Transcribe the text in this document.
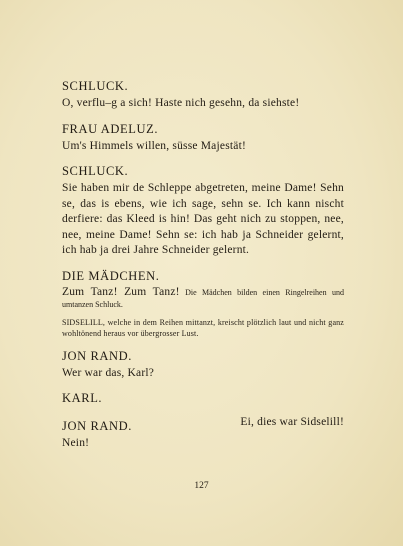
SCHLUCK.

O, verflu–g a sich! Haste nich gesehn, da siehste!

FRAU ADELUZ.

Um's Himmels willen, süsse Majestät!

SCHLUCK.

Sie haben mir de Schleppe abgetreten, meine Dame! Sehn se, das is ebens, wie ich sage, sehn se. Ich kann nischt derfiere: das Kleed is hin! Das geht nich zu stoppen, nee, nee, meine Dame! Sehn se: ich hab ja Schneider gelernt, ich hab ja drei Jahre Schneider gelernt.

DIE MÄDCHEN.

Zum Tanz! Zum Tanz! Die Mädchen bilden einen Ringelreihen und umtanzen Schluck.

SIDSELILL, welche in dem Reihen mittanzt, kreischt plötzlich laut und nicht ganz wohltönend heraus vor übergrosser Lust.

JON RAND.

Wer war das, Karl?

KARL.

Ei, dies war Sidselill!

JON RAND.

Nein!

127
